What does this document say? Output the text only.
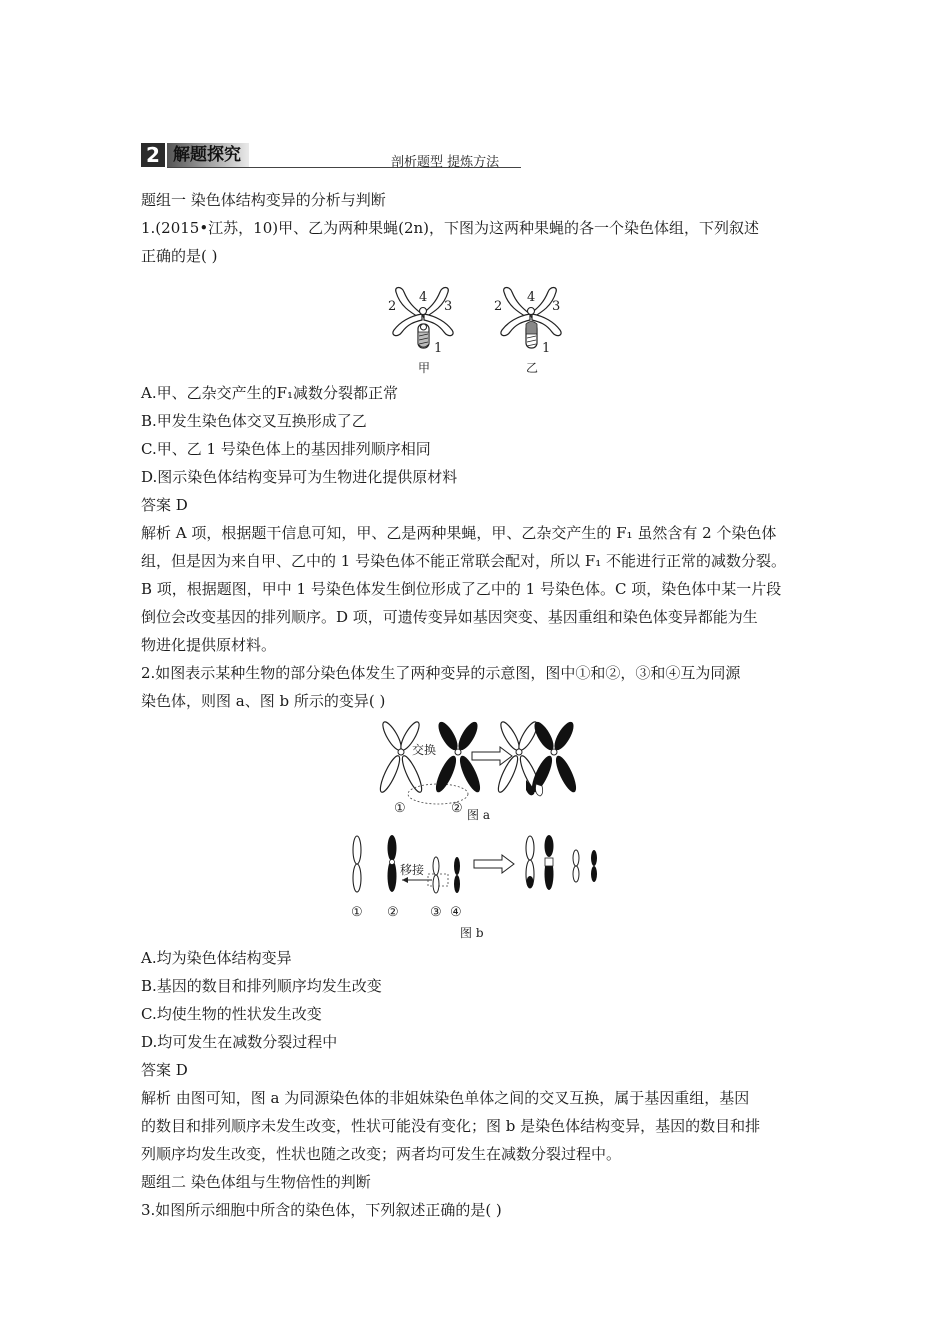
2 解题探究	剖析题型 提炼方法
题组一 染色体结构变异的分析与判断
1.(2015•江苏，10)甲、乙为两种果蝇(2n)，下图为这两种果蝇的各一个染色体组，下列叙述
正确的是( )
2
4
3
1
甲
2
4
3
1
乙
A.甲、乙杂交产生的F₁减数分裂都正常
B.甲发生染色体交叉互换形成了乙
C.甲、乙 1 号染色体上的基因排列顺序相同
D.图示染色体结构变异可为生物进化提供原材料
答案 D
解析 A 项，根据题干信息可知，甲、乙是两种果蝇，甲、乙杂交产生的 F₁ 虽然含有 2 个染色体
组，但是因为来自甲、乙中的 1 号染色体不能正常联会配对，所以 F₁ 不能进行正常的减数分裂。
B 项，根据题图，甲中 1 号染色体发生倒位形成了乙中的 1 号染色体。C 项，染色体中某一片段
倒位会改变基因的排列顺序。D 项，可遗传变异如基因突变、基因重组和染色体变异都能为生
物进化提供原材料。
2.如图表示某种生物的部分染色体发生了两种变异的示意图，图中①和②，③和④互为同源
染色体，则图 a、图 b 所示的变异( )
交换
①	② 图 a
移接
① ② ③ ④
图 b
A.均为染色体结构变异
B.基因的数目和排列顺序均发生改变
C.均使生物的性状发生改变
D.均可发生在减数分裂过程中
答案 D
解析 由图可知，图 a 为同源染色体的非姐妹染色单体之间的交叉互换，属于基因重组，基因
的数目和排列顺序未发生改变，性状可能没有变化；图 b 是染色体结构变异，基因的数目和排
列顺序均发生改变，性状也随之改变；两者均可发生在减数分裂过程中。
题组二 染色体组与生物倍性的判断
3.如图所示细胞中所含的染色体，下列叙述正确的是( )
